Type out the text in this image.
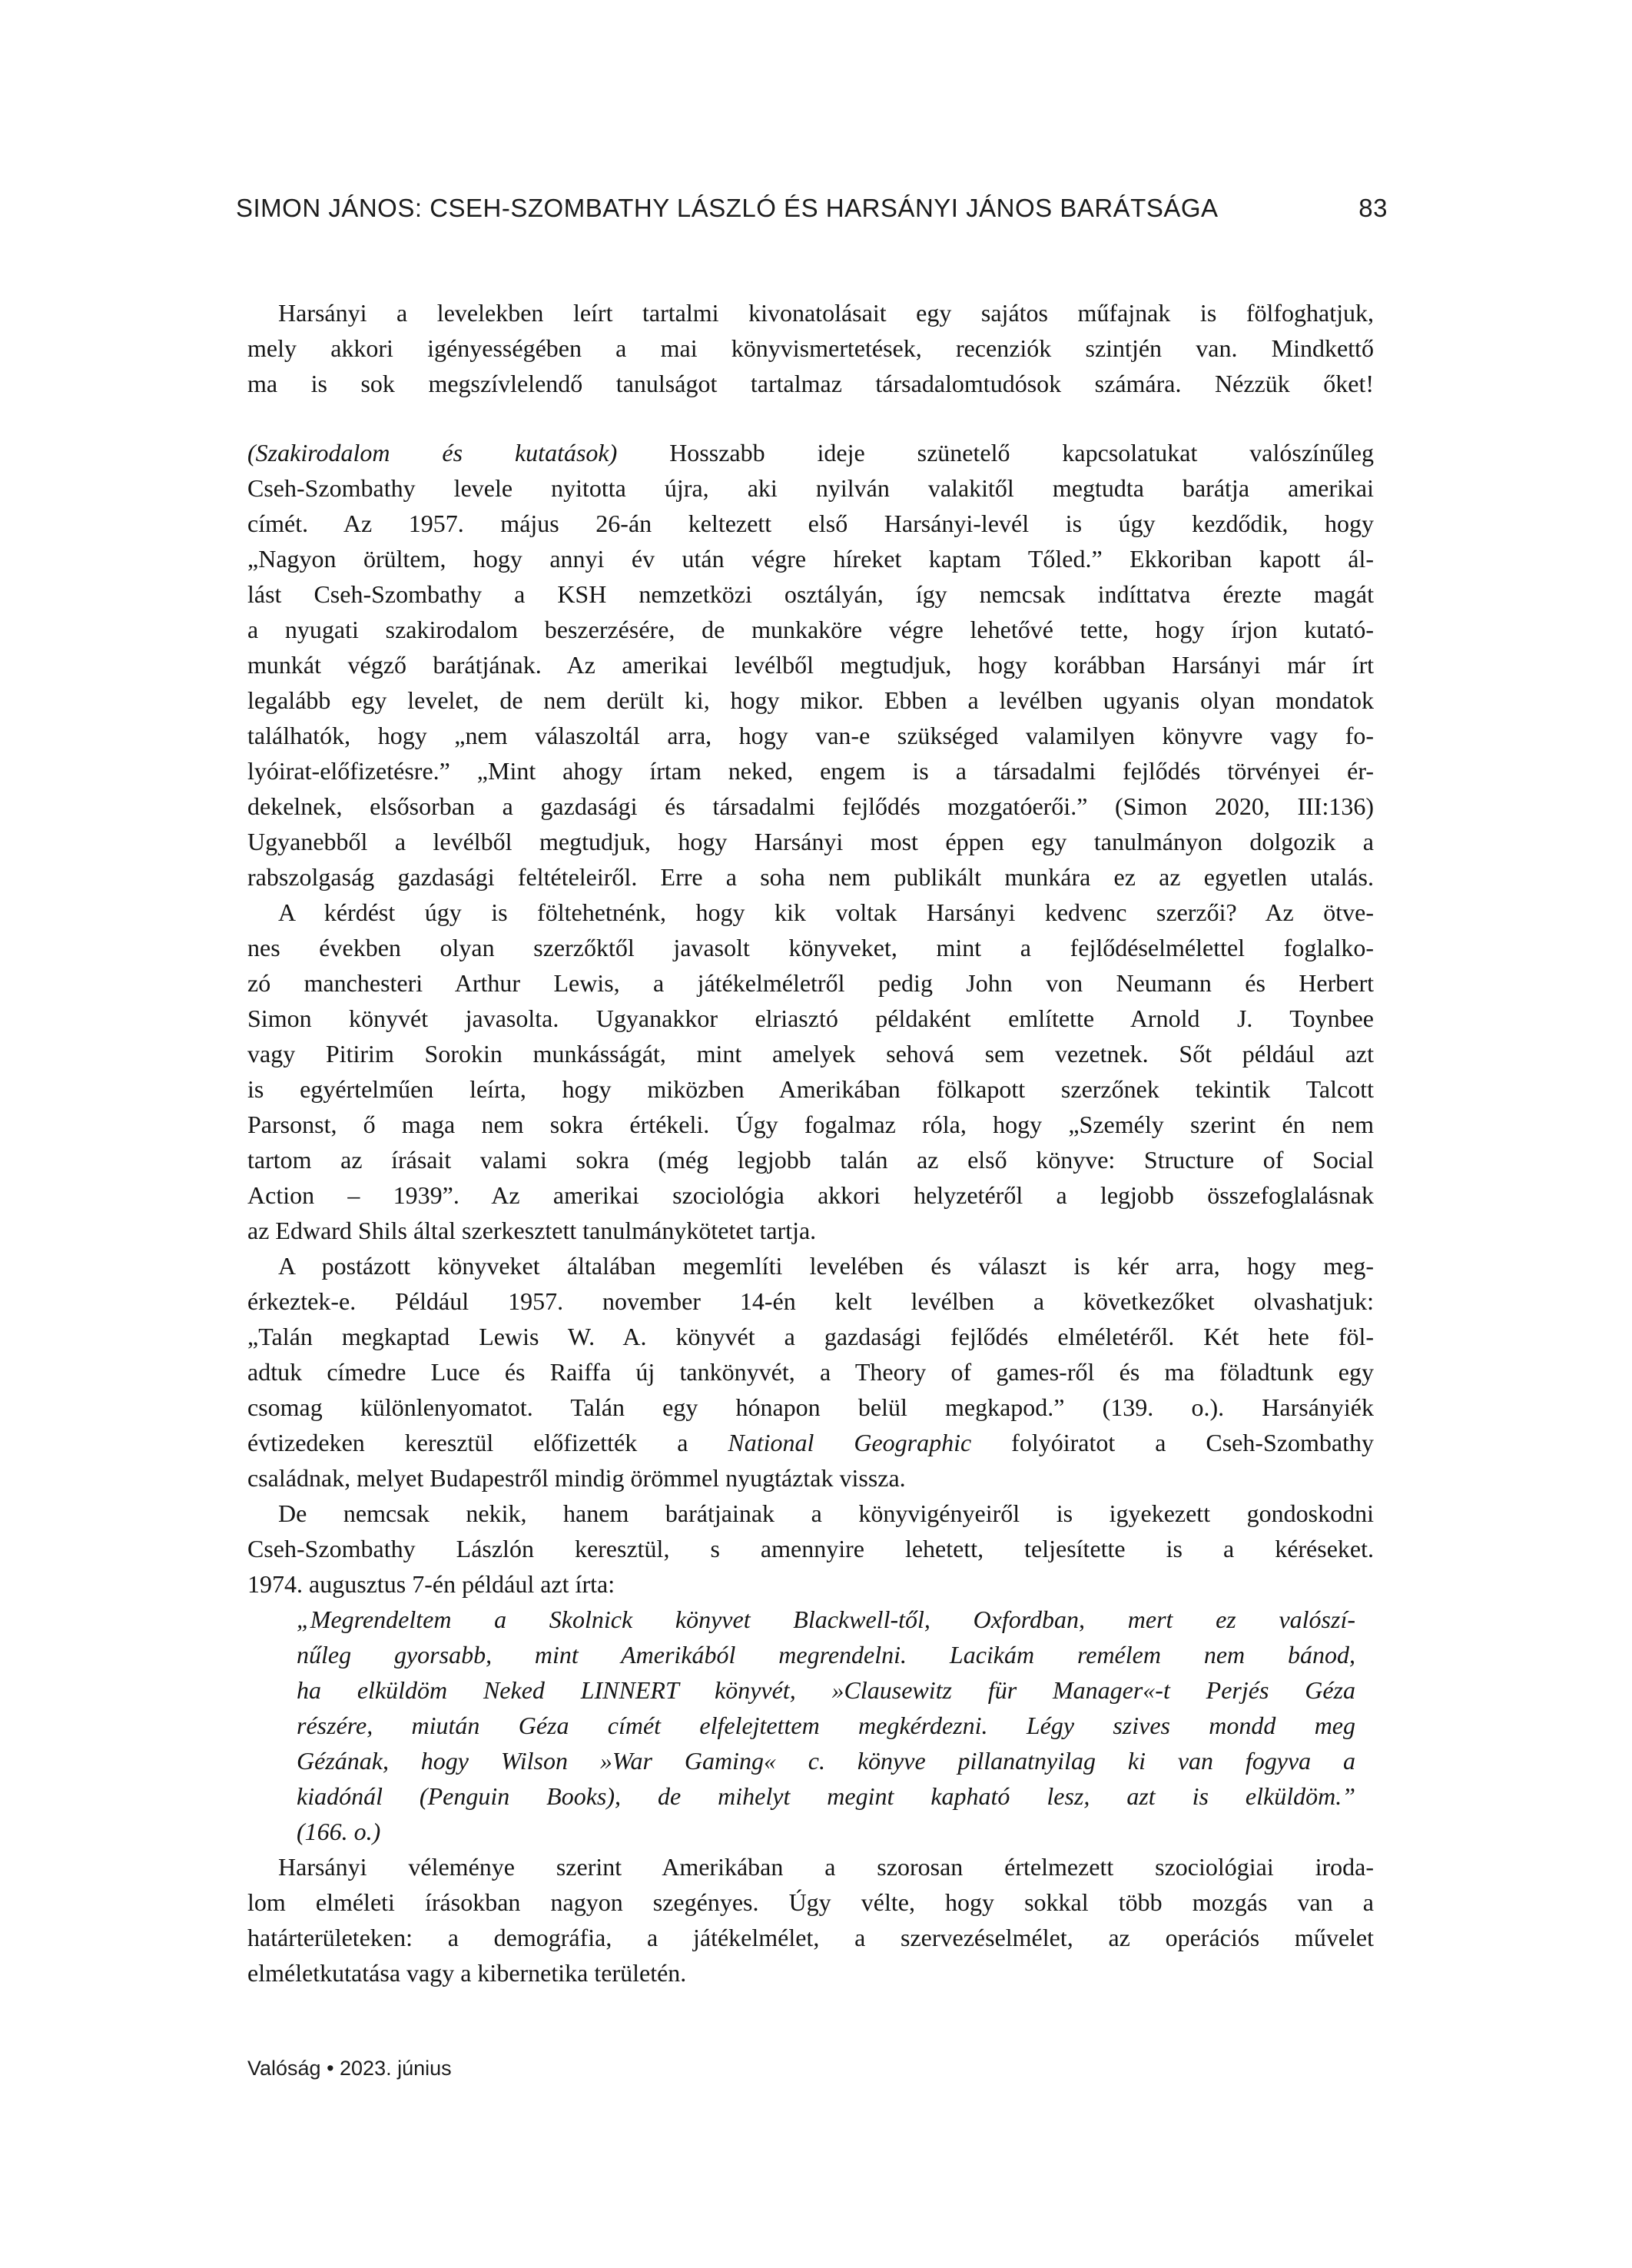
SIMON JÁNOS: CSEH-SZOMBATHY LÁSZLÓ ÉS HARSÁNYI JÁNOS BARÁTSÁGA	83
Harsányi a levelekben leírt tartalmi kivonatolásait egy sajátos műfajnak is fölfoghatjuk,
mely akkori igényességében a mai könyvismertetések, recenziók szintjén van. Mindkettő
ma is sok megszívlelendő tanulságot tartalmaz társadalomtudósok számára. Nézzük őket!
(Szakirodalom és kutatások) Hosszabb ideje szünetelő kapcsolatukat valószínűleg
Cseh-Szombathy levele nyitotta újra, aki nyilván valakitől megtudta barátja amerikai
címét. Az 1957. május 26-án keltezett első Harsányi-levél is úgy kezdődik, hogy
„Nagyon örültem, hogy annyi év után végre híreket kaptam Tőled.” Ekkoriban kapott ál-
lást Cseh-Szombathy a KSH nemzetközi osztályán, így nemcsak indíttatva érezte magát
a nyugati szakirodalom beszerzésére, de munkaköre végre lehetővé tette, hogy írjon kutató-
munkát végző barátjának. Az amerikai levélből megtudjuk, hogy korábban Harsányi már írt
legalább egy levelet, de nem derült ki, hogy mikor. Ebben a levélben ugyanis olyan mondatok
találhatók, hogy „nem válaszoltál arra, hogy van-e szükséged valamilyen könyvre vagy fo-
lyóirat-előfizetésre.” „Mint ahogy írtam neked, engem is a társadalmi fejlődés törvényei ér-
dekelnek, elsősorban a gazdasági és társadalmi fejlődés mozgatóerői.” (Simon 2020, III:136)
Ugyanebből a levélből megtudjuk, hogy Harsányi most éppen egy tanulmányon dolgozik a
rabszolgaság gazdasági feltételeiről. Erre a soha nem publikált munkára ez az egyetlen utalás.
A kérdést úgy is föltehetnénk, hogy kik voltak Harsányi kedvenc szerzői? Az ötve-
nes években olyan szerzőktől javasolt könyveket, mint a fejlődéselmélettel foglalko-
zó manchesteri Arthur Lewis, a játékelméletről pedig John von Neumann és Herbert
Simon könyvét javasolta. Ugyanakkor elriasztó példaként említette Arnold J. Toynbee
vagy Pitirim Sorokin munkásságát, mint amelyek sehová sem vezetnek. Sőt például azt
is egyértelműen leírta, hogy miközben Amerikában fölkapott szerzőnek tekintik Talcott
Parsonst, ő maga nem sokra értékeli. Úgy fogalmaz róla, hogy „Személy szerint én nem
tartom az írásait valami sokra (még legjobb talán az első könyve: Structure of Social
Action – 1939”. Az amerikai szociológia akkori helyzetéről a legjobb összefoglalásnak
az Edward Shils által szerkesztett tanulmánykötetet tartja.
A postázott könyveket általában megemlíti levelében és választ is kér arra, hogy meg-
érkeztek-e. Például 1957. november 14-én kelt levélben a következőket olvashatjuk:
„Talán megkaptad Lewis W. A. könyvét a gazdasági fejlődés elméletéről. Két hete föl-
adtuk címedre Luce és Raiffa új tankönyvét, a Theory of games-ről és ma föladtunk egy
csomag különlenyomatot. Talán egy hónapon belül megkapod.” (139. o.). Harsányiék
évtizedeken keresztül előfizették a National Geographic folyóiratot a Cseh-Szombathy
családnak, melyet Budapestről mindig örömmel nyugtáztak vissza.
De nemcsak nekik, hanem barátjainak a könyvigényeiről is igyekezett gondoskodni
Cseh-Szombathy Lászlón keresztül, s amennyire lehetett, teljesítette is a kéréseket.
1974. augusztus 7-én például azt írta:
„Megrendeltem a Skolnick könyvet Blackwell-től, Oxfordban, mert ez valószí-
nűleg gyorsabb, mint Amerikából megrendelni. Lacikám remélem nem bánod,
ha elküldöm Neked LINNERT könyvét, »Clausewitz für Manager«-t Perjés Géza
részére, miután Géza címét elfelejtettem megkérdezni. Légy szives mondd meg
Gézának, hogy Wilson »War Gaming« c. könyve pillanatnyilag ki van fogyva a
kiadónál (Penguin Books), de mihelyt megint kapható lesz, azt is elküldöm.”
(166. o.)
Harsányi véleménye szerint Amerikában a szorosan értelmezett szociológiai iroda-
lom elméleti írásokban nagyon szegényes. Úgy vélte, hogy sokkal több mozgás van a
határterületeken: a demográfia, a játékelmélet, a szervezéselmélet, az operációs művelet
elméletkutatása vagy a kibernetika területén.
Valóság • 2023. június
